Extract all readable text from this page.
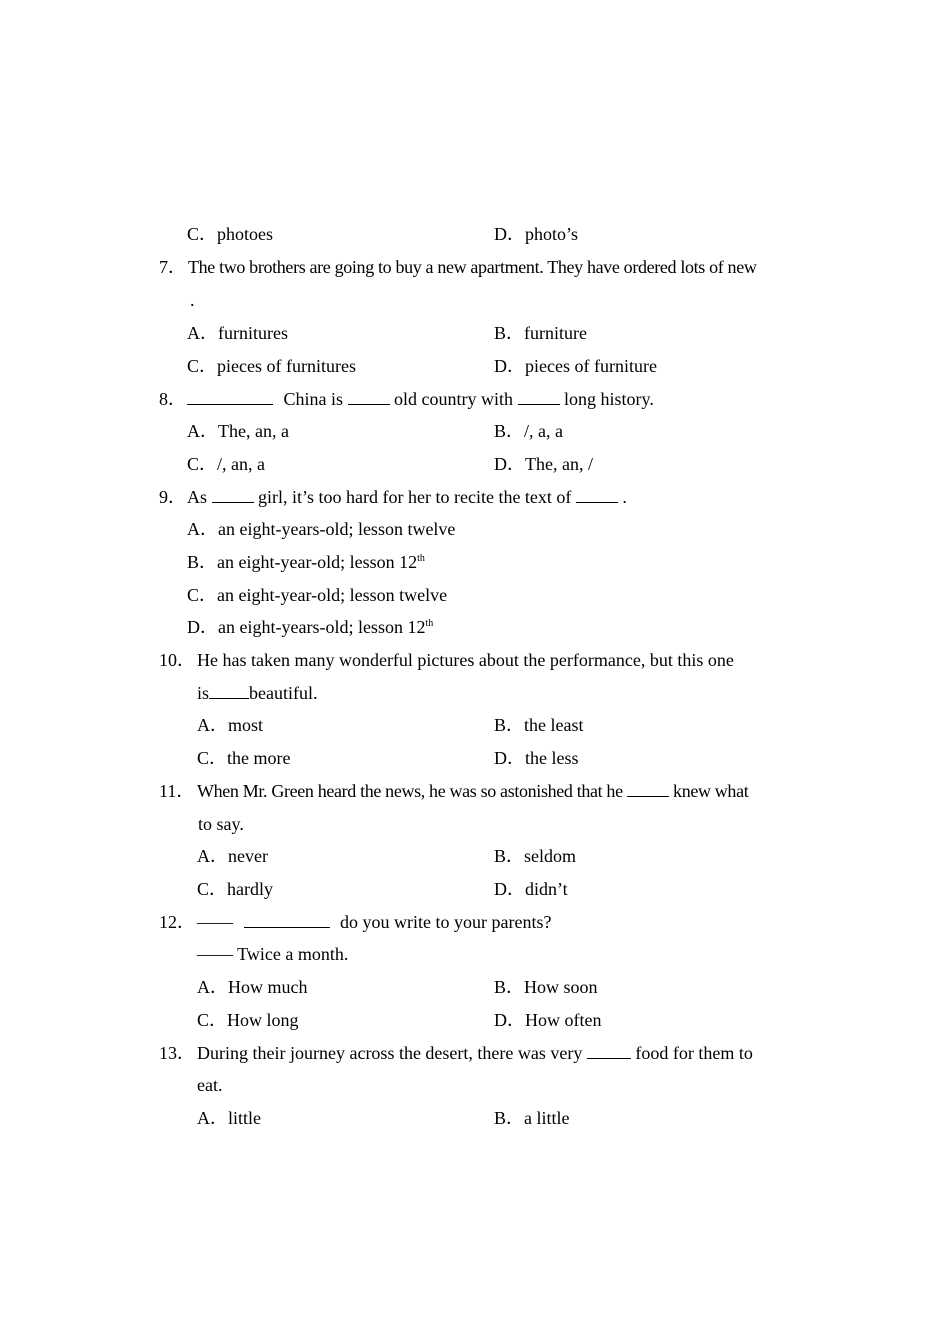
C．photoes	D．photo’s
7． The two brothers are going to buy a new apartment. They have ordered lots of new
.
A．furnitures	B．furniture
C．pieces of furnitures	D．pieces of furniture
8．	China is	old country with	long history.
A．The, an, a	B．/, a, a
C．/, an, a	D．The, an, /
9． As	girl, it’s too hard for her to recite the text of	.
A．an eight-years-old; lesson twelve
B．an eight-year-old; lesson 12th
C．an eight-year-old; lesson twelve
D．an eight-years-old; lesson 12th
10． He has taken many wonderful pictures about the performance, but this one
is beautiful.
A．most	B．the least
C．the more	D．the less
11． When Mr. Green heard the news, he was so astonished that he	knew what
to say.
A．never	B．seldom
C．hardly	D．didn’t
12． ——	do you write to your parents?
—— Twice a month.
A．How much	B．How soon
C．How long	D．How often
13． During their journey across the desert, there was very	food for them to
eat.
A．little	B．a little
